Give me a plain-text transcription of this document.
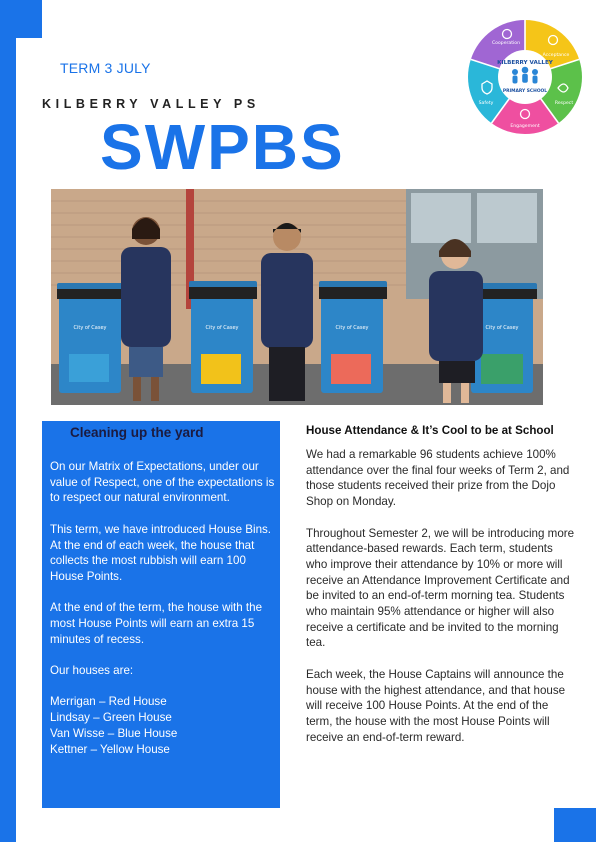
TERM 3 JULY
KILBERRY VALLEY PS
SWPBS
KILBERRY VALLEY
PRIMARY SCHOOL
Cooperation
Acceptance
Respect
Engagement
Safety
City of Casey	City of Casey	City of Casey	City of Casey
Cleaning up the yard

On our Matrix of Expectations, under our value of Respect, one of the expectations is to respect our natural environment.

This term, we have introduced House Bins. At the end of each week, the house that collects the most rubbish will earn 100 House Points.

At the end of the term, the house with the most House Points will earn an extra 15 minutes of recess.

Our houses are:

Merrigan – Red House
Lindsay – Green House
Van Wisse – Blue House
Kettner – Yellow House
House Attendance & It’s Cool to be at School

We had a remarkable 96 students achieve 100% attendance over the final four weeks of Term 2, and those students received their prize from the Dojo Shop on Monday.

Throughout Semester 2, we will be introducing more attendance-based rewards. Each term, students who improve their attendance by 10% or more will receive an Attendance Improvement Certificate and be invited to an end-of-term morning tea. Students who maintain 95% attendance or higher will also receive a certificate and be invited to the morning tea.

Each week, the House Captains will announce the house with the highest attendance, and that house will receive 100 House Points. At the end of the term, the house with the most House Points will receive an end-of-term reward.
